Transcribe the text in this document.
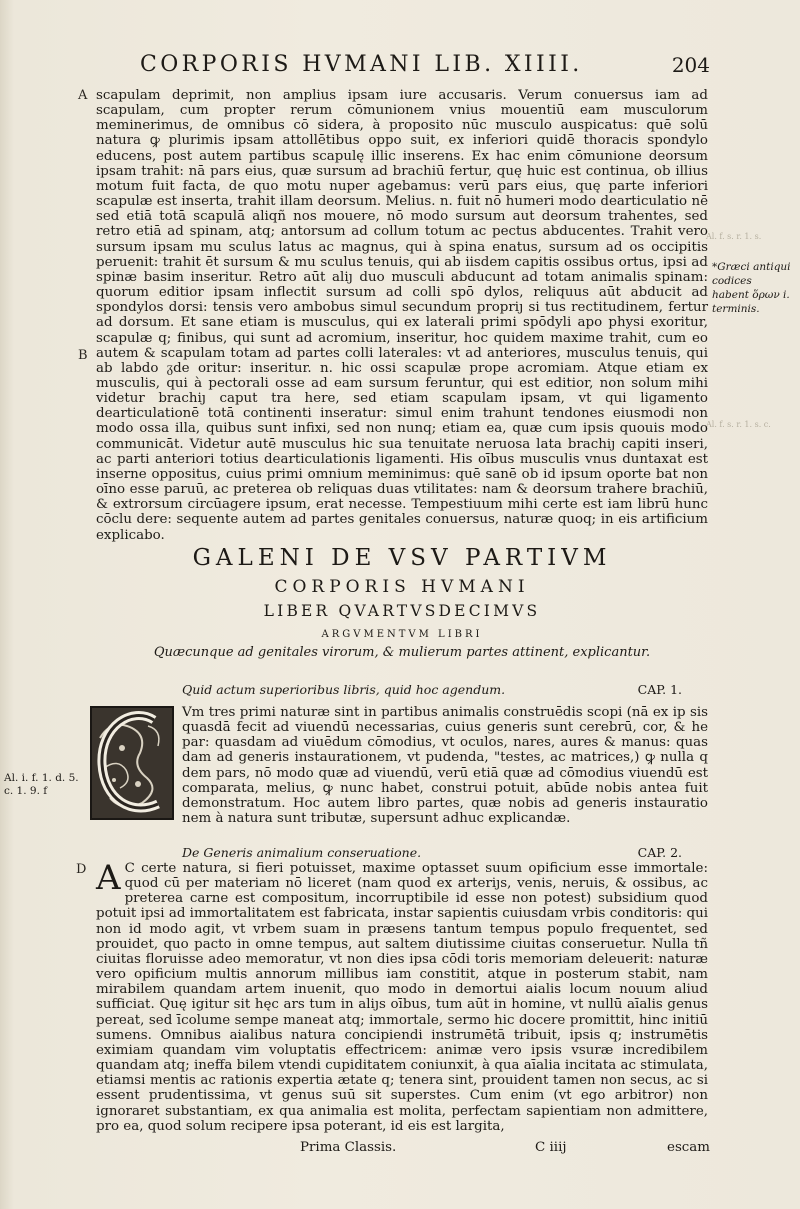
CORPORIS HVMANI LIB. XIIII.	204
A
B
D
Al. f. s. r. 1. s.
Al. f. s. r. 1. s. c.

scapulam deprimit, non amplius ipsam iure accusaris. Verum conuersus iam ad scapulam, cum propter rerum cōmunionem vnius mouentiū eam musculorum meminerimus, de omnibus cō sidera, à proposito nūc musculo auspicatus: quē solū natura ꝙ plurimis ipsam attollētibus oppo suit, ex inferiori quidē thoracis spondylo educens, post autem partibus scapulę illic inserens. Ex hac enim cōmunione deorsum ipsam trahit: nā pars eius, quæ sursum ad brachiū fertur, quę huic est continua, ob illius motum fuit facta, de quo motu nuper agebamus: verū pars eius, quę parte inferiori scapulæ est inserta, trahit illam deorsum. Melius. n. fuit nō humeri modo dearticulatio nē sed etiā totā scapulā aliqñ nos mouere, nō modo sursum aut deorsum trahentes, sed retro etiā ad spinam, atq; antorsum ad collum totum ac pectus abducentes. Trahit vero sursum ipsam mu sculus latus ac magnus, qui à spina enatus, sursum ad os occipitis peruenit: trahit ēt sursum & mu sculus tenuis, qui ab iisdem capitis ossibus ortus, ipsi ad spinæ basim inseritur. Retro aūt aliȷ duo musculi abducunt ad totam animalis spinam: quorum editior ipsam inflectit sursum ad colli spō dylos, reliquus aūt abducit ad spondylos dorsi: tensis vero ambobus simul secundum propriȷ si tus rectitudinem, fertur ad dorsum. Et sane etiam is musculus, qui ex laterali primi spōdyli apo physi exoritur, scapulæ q; finibus, qui sunt ad acromium, inseritur, hoc quidem maxime trahit, cum eo autem & scapulam totam ad partes colli laterales: vt ad anteriores, musculus tenuis, qui ab labdo ᵹde oritur: inseritur. n. hic ossi scapulæ prope acromiam. Atque etiam ex musculis, qui à pectorali osse ad eam sursum feruntur, qui est editior, non solum mihi videtur brachiȷ caput tra here, sed etiam scapulam ipsam, vt qui ligamento dearticulationē totā continenti inseratur: simul enim trahunt tendones eiusmodi non modo ossa illa, quibus sunt infixi, sed non nunq; etiam ea, quæ cum ipsis quouis modo communicāt. Videtur autē musculus hic sua tenuitate neruosa lata brachiȷ capiti inseri, ac parti anteriori totius dearticulationis ligamenti. His oībus musculis vnus duntaxat est inserne oppositus, cuius primi omnium meminimus: quē sanē ob id ipsum oporte bat non oīno esse paruū, ac preterea ob reliquas duas vtilitates: nam & deorsum trahere brachiū, & extrorsum circūagere ipsum, erat necesse. Tempestiuum mihi certe est iam librū hunc cōclu dere: sequente autem ad partes genitales conuersus, naturæ quoq; in eis artificium explicabo.

*Græci antiqui codices habent ὅρων i. terminis.
GALENI DE VSV PARTIVM
CORPORIS HVMANI
LIBER QVARTVSDECIMVS
ARGVMENTVM LIBRI
Quæcunque ad genitales virorum, & mulierum partes attinent, explicantur.
Quid actum superioribus libris, quid hoc agendum.	CAP. 1.

Vm tres primi naturæ sint in partibus animalis construēdis scopi (nā ex ip sis quasdā fecit ad viuendū necessarias, cuius generis sunt cerebrū, cor, & he par: quasdam ad viuēdum cōmodius, vt oculos, nares, aures & manus: quas dam ad generis instaurationem, vt pudenda, "testes, ac matrices,) ꝙ nulla q dem pars, nō modo quæ ad viuendū, verū etiā quæ ad cōmodius viuendū est comparata, melius, ꝙ nunc habet, construi potuit, abūde nobis antea fuit demonstratum. Hoc autem libro partes, quæ nobis ad generis instauratio nem à natura sunt tributæ, supersunt adhuc explicandæ.

Al. i. f. 1. d. 5. c. 1. 9. f
De Generis animalium conseruatione.	CAP. 2.
A C certe natura, si fieri potuisset, maxime optasset suum opificium esse immortale: quod cū per materiam nō liceret (nam quod ex arteriȷs, venis, neruis, & ossibus, ac preterea carne est compositum, incorruptibile id esse non potest) subsidium quod potuit ipsi ad immortalitatem est fabricata, instar sapientis cuiusdam vrbis conditoris: qui non id modo agit, vt vrbem suam in præsens tantum tempus populo frequentet, sed prouidet, quo pacto in omne tempus, aut saltem diutissime ciuitas conseruetur. Nulla tñ ciuitas floruisse adeo memoratur, vt non dies ipsa cōdi toris memoriam deleuerit: naturæ vero opificium multis annorum millibus iam constitit, atque in posterum stabit, nam mirabilem quandam artem inuenit, quo modo in demortui aialis locum nouum aliud sufficiat. Quę igitur sit hęc ars tum in aliȷs oībus, tum aūt in homine, vt nullū aīalis genus pereat, sed īcolume sempe maneat atq; immortale, sermo hic docere promittit, hinc initiū sumens. Omnibus aialibus natura concipiendi instrumētā tribuit, ipsis q; instrumētis eximiam quandam vim voluptatis effectricem: animæ vero ipsis vsuræ incredibilem quandam atq; ineffa bilem vtendi cupiditatem coniunxit, à qua aīalia incitata ac stimulata, etiamsi mentis ac rationis expertia ætate q; tenera sint, prouident tamen non secus, ac si essent prudentissima, vt genus suū sit superstes. Cum enim (vt ego arbitror) non ignoraret substantiam, ex qua animalia est molita, perfectam sapientiam non admittere, pro ea, quod solum recipere ipsa poterant, id eis est largita,

Prima Classis.	C iiij	escam
